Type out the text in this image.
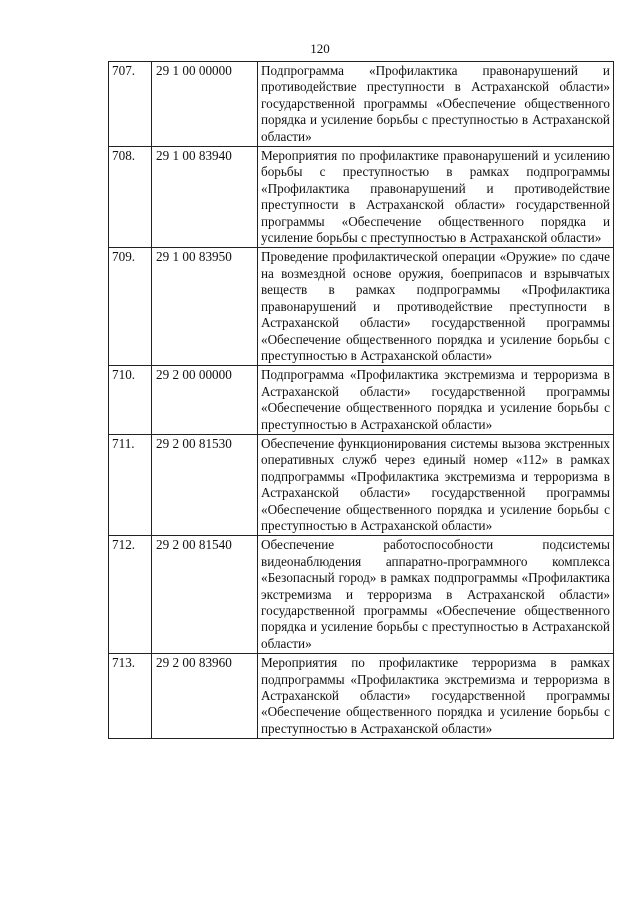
120
707.	29 1 00 00000	Подпрограмма «Профилактика правонарушений и противодействие преступности в Астраханской области» государственной программы «Обеспечение общественного порядка и усиление борьбы с преступностью в Астраханской области»
708.	29 1 00 83940	Мероприятия по профилактике правонарушений и усилению борьбы с преступностью в рамках подпрограммы «Профилактика правонарушений и противодействие преступности в Астраханской области» государственной программы «Обеспечение общественного порядка и усиление борьбы с преступностью в Астраханской области»
709.	29 1 00 83950	Проведение профилактической операции «Оружие» по сдаче на возмездной основе оружия, боеприпасов и взрывчатых веществ в рамках подпрограммы «Профилактика правонарушений и противодействие преступности в Астраханской области» государственной программы «Обеспечение общественного порядка и усиление борьбы с преступностью в Астраханской области»
710.	29 2 00 00000	Подпрограмма «Профилактика экстремизма и терроризма в Астраханской области» государственной программы «Обеспечение общественного порядка и усиление борьбы с преступностью в Астраханской области»
711.	29 2 00 81530	Обеспечение функционирования системы вызова экстренных оперативных служб через единый номер «112» в рамках подпрограммы «Профилактика экстремизма и терроризма в Астраханской области» государственной программы «Обеспечение общественного порядка и усиление борьбы с преступностью в Астраханской области»
712.	29 2 00 81540	Обеспечение работоспособности подсистемы видеонаблюдения аппаратно-программного комплекса «Безопасный город» в рамках подпрограммы «Профилактика экстремизма и терроризма в Астраханской области» государственной программы «Обеспечение общественного порядка и усиление борьбы с преступностью в Астраханской области»
713.	29 2 00 83960	Мероприятия по профилактике терроризма в рамках подпрограммы «Профилактика экстремизма и терроризма в Астраханской области» государственной программы «Обеспечение общественного порядка и усиление борьбы с преступностью в Астраханской области»
